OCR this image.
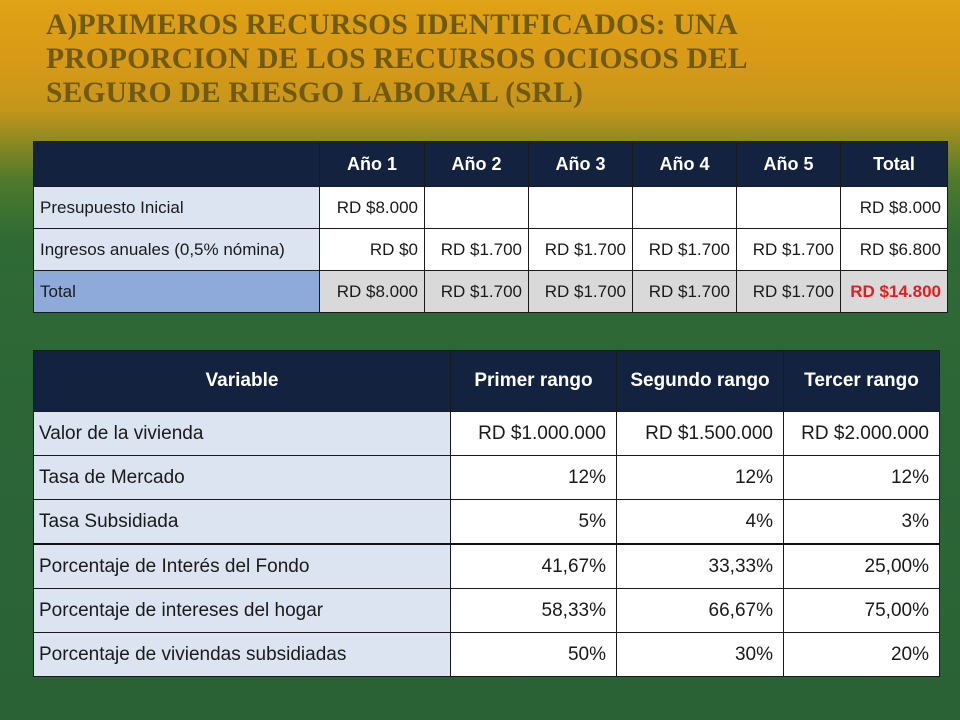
A)PRIMEROS RECURSOS IDENTIFICADOS: UNA
PROPORCION DE LOS RECURSOS OCIOSOS DEL
SEGURO DE RIESGO LABORAL (SRL)
	Año 1	Año 2	Año 3	Año 4	Año 5	Total
Presupuesto Inicial	RD $8.000					RD $8.000
Ingresos anuales (0,5% nómina)	RD $0	RD $1.700	RD $1.700	RD $1.700	RD $1.700	RD $6.800
Total	RD $8.000	RD $1.700	RD $1.700	RD $1.700	RD $1.700	RD $14.800
Variable	Primer rango	Segundo rango	Tercer rango
Valor de la vivienda	RD $1.000.000	RD $1.500.000	RD $2.000.000
Tasa de Mercado	12%	12%	12%
Tasa Subsidiada	5%	4%	3%
Porcentaje de Interés del Fondo	41,67%	33,33%	25,00%
Porcentaje de intereses del hogar	58,33%	66,67%	75,00%
Porcentaje de viviendas subsidiadas	50%	30%	20%
